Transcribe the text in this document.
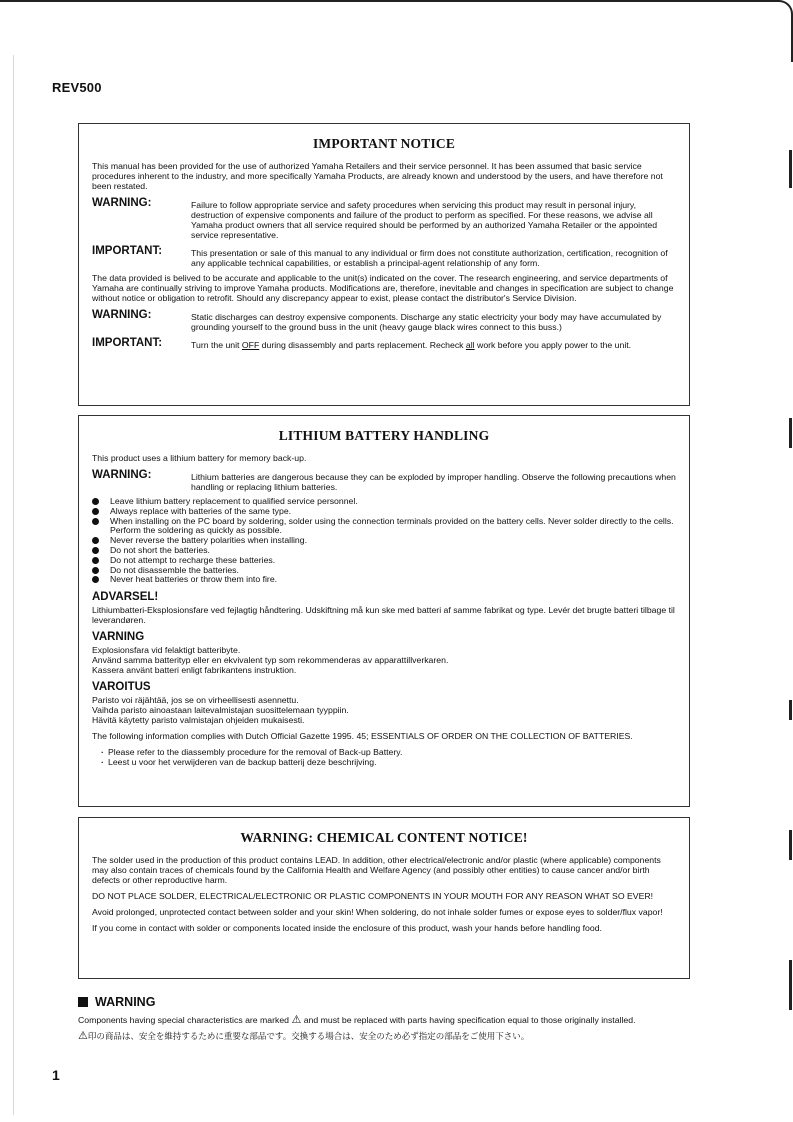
REV500
IMPORTANT NOTICE

This manual has been provided for the use of authorized Yamaha Retailers and their service personnel. It has been assumed that basic service procedures inherent to the industry, and more specifically Yamaha Products, are already known and understood by the users, and have therefore not been restated.

WARNING:	Failure to follow appropriate service and safety procedures when servicing this product may result in personal injury, destruction of expensive components and failure of the product to perform as specified. For these reasons, we advise all Yamaha product owners that all service required should be performed by an authorized Yamaha Retailer or the appointed service representative.
IMPORTANT:	This presentation or sale of this manual to any individual or firm does not constitute authorization, certification, recognition of any applicable technical capabilities, or establish a principal-agent relationship of any form.

The data provided is belived to be accurate and applicable to the unit(s) indicated on the cover. The research engineering, and service departments of Yamaha are continually striving to improve Yamaha products. Modifications are, therefore, inevitable and changes in specification are subject to change without notice or obligation to retrofit. Should any discrepancy appear to exist, please contact the distributor's Service Division.

WARNING:	Static discharges can destroy expensive components. Discharge any static electricity your body may have accumulated by grounding yourself to the ground buss in the unit (heavy gauge black wires connect to this buss.)
IMPORTANT:	Turn the unit OFF during disassembly and parts replacement. Recheck all work before you apply power to the unit.
LITHIUM BATTERY HANDLING

This product uses a lithium battery for memory back-up.

WARNING:	Lithium batteries are dangerous because they can be exploded by improper handling. Observe the following precautions when handling or replacing lithium batteries.
Leave lithium battery replacement to qualified service personnel.
Always replace with batteries of the same type.
When installing on the PC board by soldering, solder using the connection terminals provided on the battery cells. Never solder directly to the cells. Perform the soldering as quickly as possible.
Never reverse the battery polarities when installing.
Do not short the batteries.
Do not attempt to recharge these batteries.
Do not disassemble the batteries.
Never heat batteries or throw them into fire.
ADVARSEL!

Lithiumbatteri-Eksplosionsfare ved fejlagtig håndtering. Udskiftning må kun ske med batteri af samme fabrikat og type. Levér det brugte batteri tilbage til leverandøren.

VARNING

Explosionsfara vid felaktigt batteribyte.
Använd samma batterityp eller en ekvivalent typ som rekommenderas av apparattillverkaren.
Kassera använt batteri enligt fabrikantens instruktion.

VAROITUS

Paristo voi räjähtää, jos se on virheellisesti asennettu.
Vaihda paristo ainoastaan laitevalmistajan suosittelemaan tyyppiin.
Hävitä käytetty paristo valmistajan ohjeiden mukaisesti.

The following information complies with Dutch Official Gazette 1995. 45; ESSENTIALS OF ORDER ON THE COLLECTION OF BATTERIES.

· Please refer to the diassembly procedure for the removal of Back-up Battery.
· Leest u voor het verwijderen van de backup batterij deze beschrijving.
WARNING: CHEMICAL CONTENT NOTICE!

The solder used in the production of this product contains LEAD. In addition, other electrical/electronic and/or plastic (where applicable) components may also contain traces of chemicals found by the California Health and Welfare Agency (and possibly other entities) to cause cancer and/or birth defects or other reproductive harm.

DO NOT PLACE SOLDER, ELECTRICAL/ELECTRONIC OR PLASTIC COMPONENTS IN YOUR MOUTH FOR ANY REASON WHAT SO EVER!

Avoid prolonged, unprotected contact between solder and your skin! When soldering, do not inhale solder fumes or expose eyes to solder/flux vapor!

If you come in contact with solder or components located inside the enclosure of this product, wash your hands before handling food.

WARNING

Components having special characteristics are marked ⚠ and must be replaced with parts having specification equal to those originally installed.

⚠印の商品は、安全を維持するために重要な部品です。交換する場合は、安全のため必ず指定の部品をご使用下さい。

1
